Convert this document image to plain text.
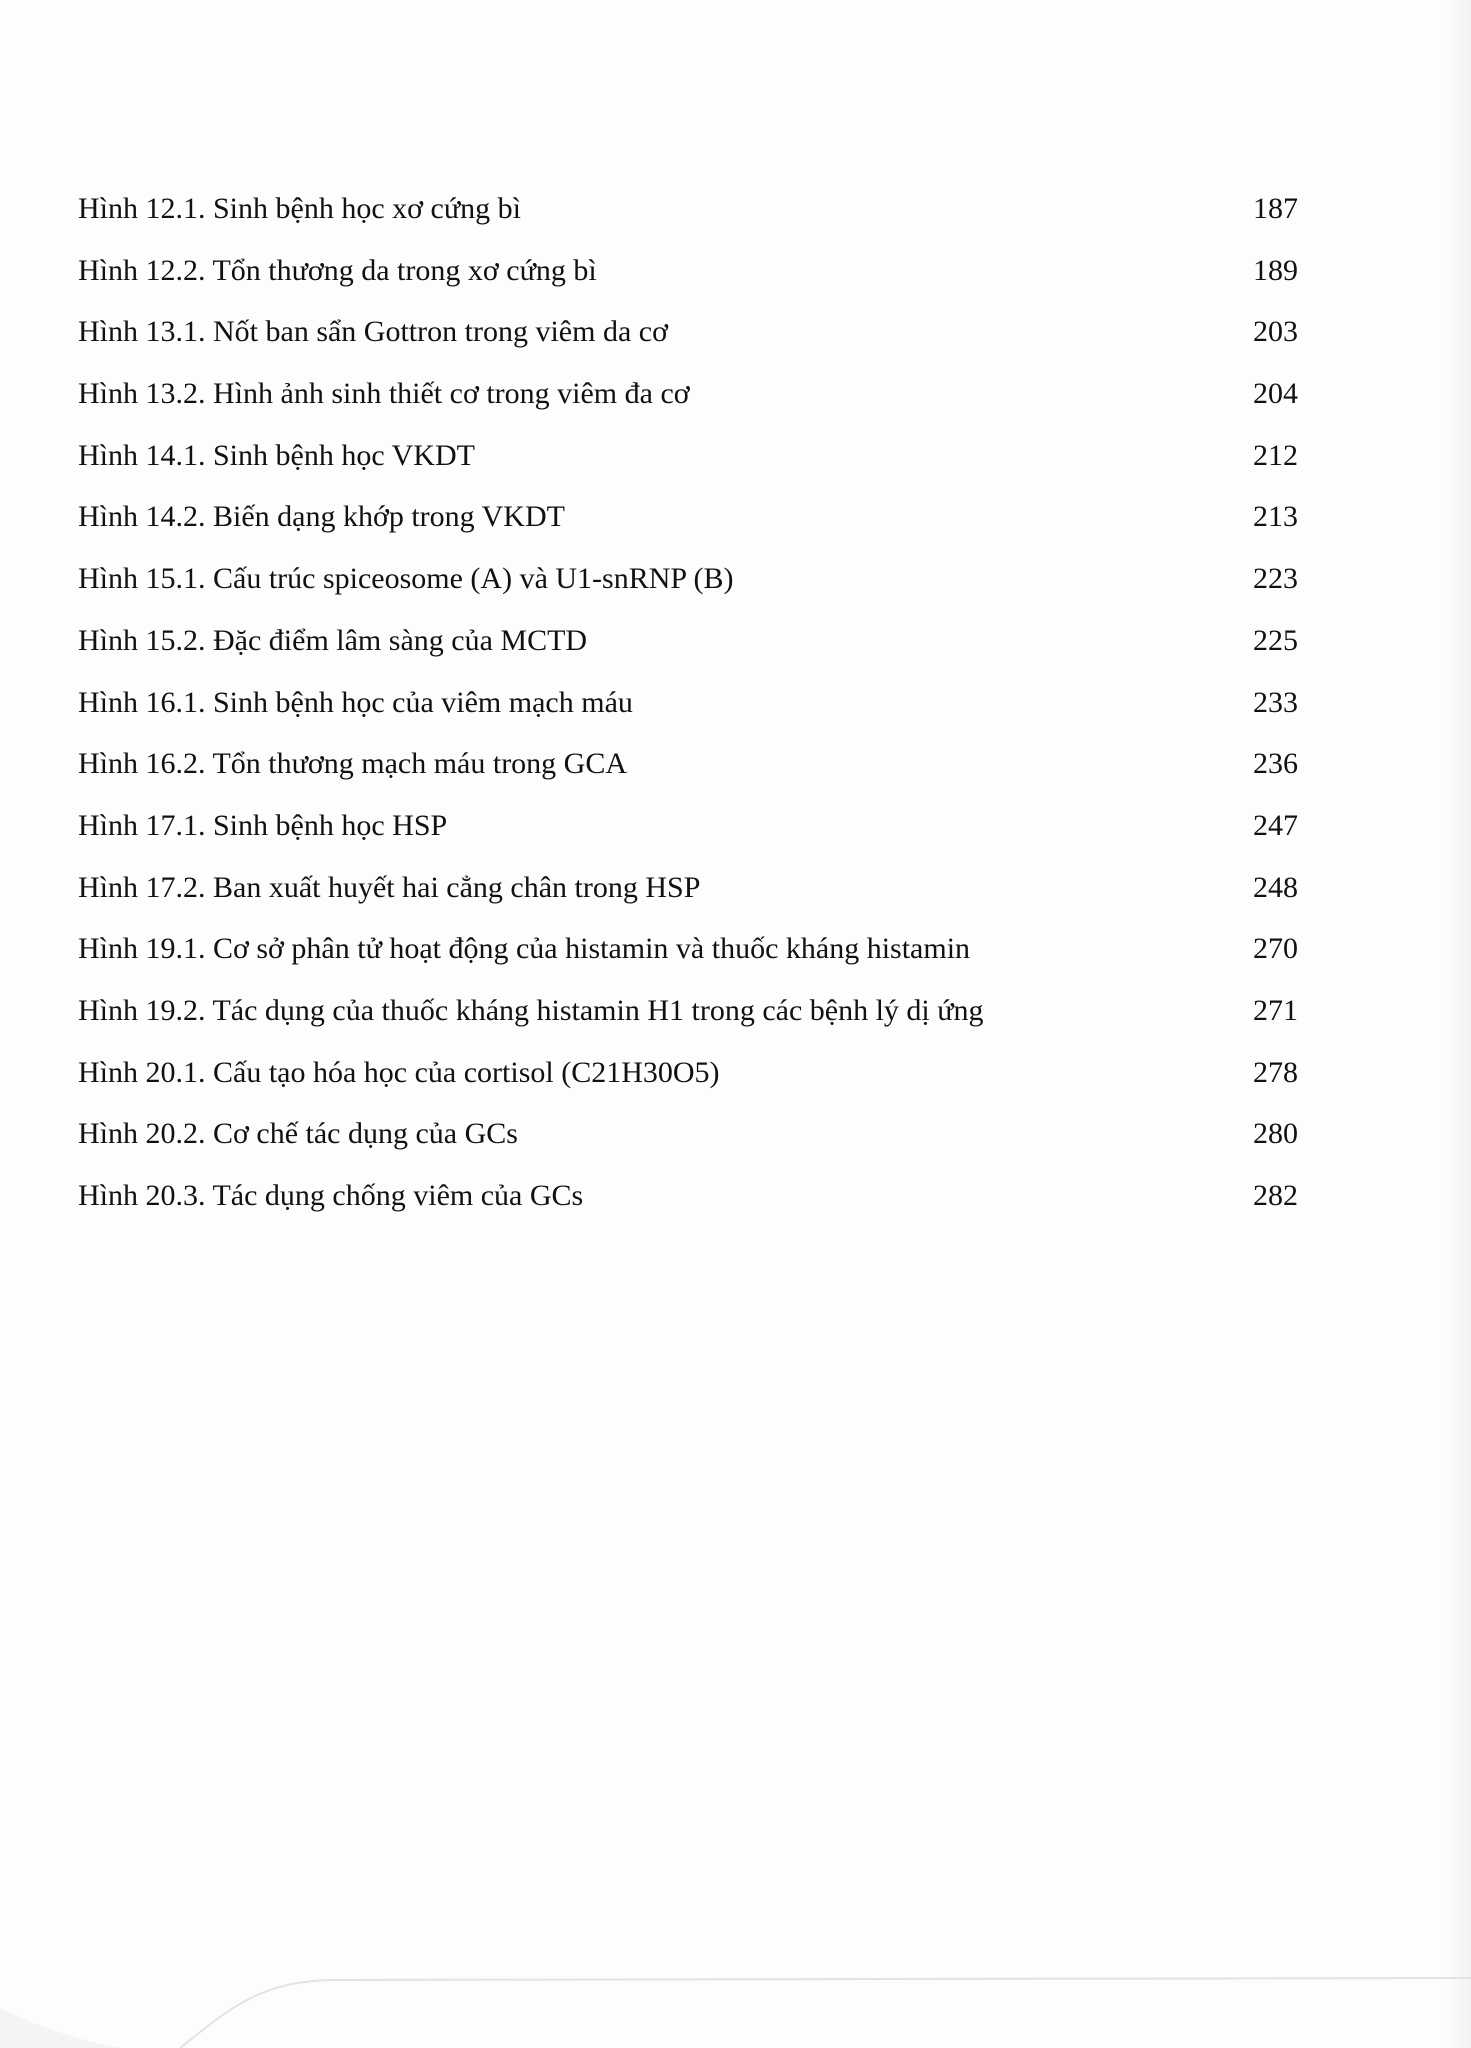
Hình 12.1. Sinh bệnh học xơ cứng bì	187
Hình 12.2. Tổn thương da trong xơ cứng bì	189
Hình 13.1. Nốt ban sẩn Gottron trong viêm da cơ	203
Hình 13.2. Hình ảnh sinh thiết cơ trong viêm đa cơ	204
Hình 14.1. Sinh bệnh học VKDT	212
Hình 14.2. Biến dạng khớp trong VKDT	213
Hình 15.1. Cấu trúc spiceosome (A) và U1-snRNP (B)	223
Hình 15.2. Đặc điểm lâm sàng của MCTD	225
Hình 16.1. Sinh bệnh học của viêm mạch máu	233
Hình 16.2. Tổn thương mạch máu trong GCA	236
Hình 17.1. Sinh bệnh học HSP	247
Hình 17.2. Ban xuất huyết hai cẳng chân trong HSP	248
Hình 19.1. Cơ sở phân tử hoạt động của histamin và thuốc kháng histamin	270
Hình 19.2. Tác dụng của thuốc kháng histamin H1 trong các bệnh lý dị ứng	271
Hình 20.1. Cấu tạo hóa học của cortisol (C21H30O5)	278
Hình 20.2. Cơ chế tác dụng của GCs	280
Hình 20.3. Tác dụng chống viêm của GCs	282
